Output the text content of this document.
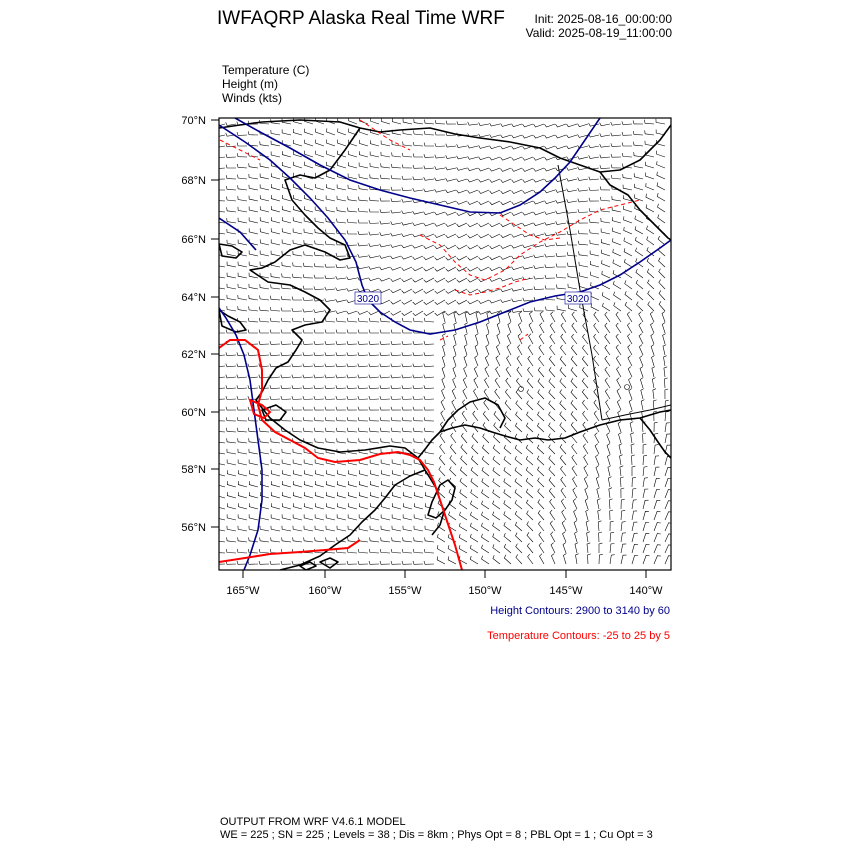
IWFAQRP Alaska Real Time WRF Init: 2025-08-16_00:00:00
Valid: 2025-08-19_11:00:00
Temperature (C)
Height (m)
Winds (kts)
3020	3020
70°N
68°N
66°N
64°N
62°N
60°N
58°N
56°N
165°W	160°W	155°W	150°W	145°W	140°W
Height Contours: 2900 to 3140 by 60
Temperature Contours: -25 to 25 by 5
OUTPUT FROM WRF V4.6.1 MODEL
WE = 225 ; SN = 225 ; Levels = 38 ; Dis = 8km ; Phys Opt = 8 ; PBL Opt = 1 ; Cu Opt = 3
